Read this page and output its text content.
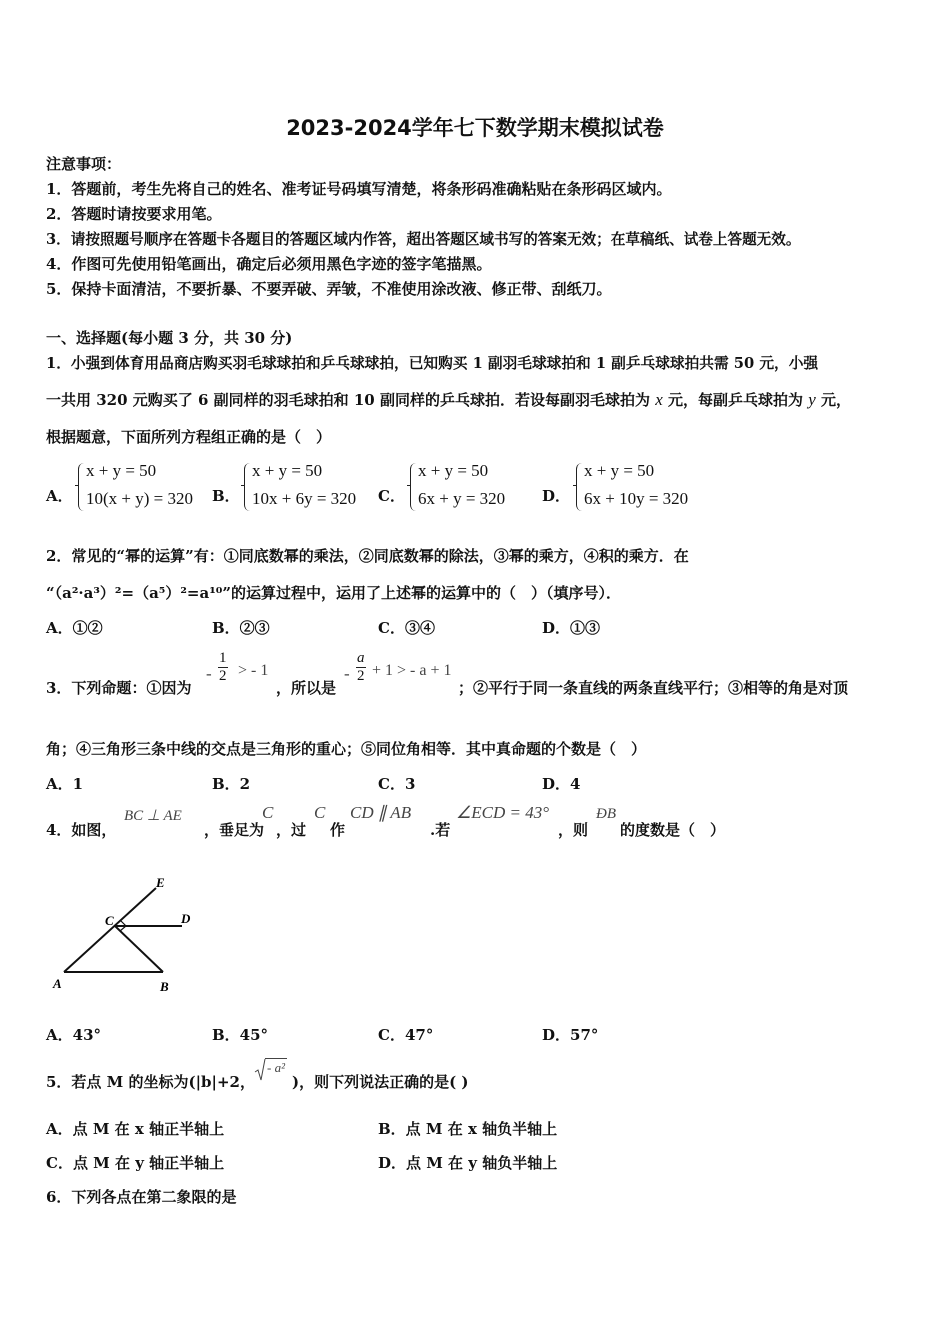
2023-2024学年七下数学期末模拟试卷
注意事项：
1．答题前，考生先将自己的姓名、准考证号码填写清楚，将条形码准确粘贴在条形码区域内。
2．答题时请按要求用笔。
3．请按照题号顺序在答题卡各题目的答题区域内作答，超出答题区域书写的答案无效；在草稿纸、试卷上答题无效。
4．作图可先使用铅笔画出，确定后必须用黑色字迹的签字笔描黑。
5．保持卡面清洁，不要折暴、不要弄破、弄皱，不准使用涂改液、修正带、刮纸刀。
一、选择题(每小题 3 分，共 30 分)
1．小强到体育用品商店购买羽毛球球拍和乒乓球球拍，已知购买 1 副羽毛球球拍和 1 副乒乓球球拍共需 50 元，小强
一共用 320 元购买了 6 副同样的羽毛球拍和 10 副同样的乒乓球拍．若设每副羽毛球拍为 x 元，每副乒乓球拍为 y 元，
根据题意，下面所列方程组正确的是（　）
A．
x + y = 50
10(x + y) = 320 B．
x + y = 50
10x + 6y = 320 C．
x + y = 50
6x + y = 320 D．
x + y = 50
6x + 10y = 320
2．常见的“幂的运算”有：①同底数幂的乘法，②同底数幂的除法，③幂的乘方，④积的乘方．在
“（a²·a³）²=（a⁵）²=a¹⁰”的运算过程中，运用了上述幂的运算中的（　）（填序号）．
A．①②	B．②③	C．③④	D．①③
3．下列命题：①因为
- $\frac{1}{2}$ > - 1
，所以是
- $\frac{a}{2} + 1$ > - a + 1
；②平行于同一条直线的两条直线平行；③相等的角是对顶
角；④三角形三条中线的交点是三角形的重心；⑤同位角相等．其中真命题的个数是（　）
A．1	B．2	C．3	D．4
4．如图，
BC ⊥ AE
，垂足为
C
，过
C
作
CD ∥ AB
.若
∠ECD = 43°
，则
ÐB
的度数是（　）
E
C	D
A	B
A．43°	B．45°	C．47°	D．57°
5．若点 M 的坐标为(|b|+2，
- a²
)，则下列说法正确的是( )
A．点 M 在 x 轴正半轴上	B．点 M 在 x 轴负半轴上
C．点 M 在 y 轴正半轴上	D．点 M 在 y 轴负半轴上
6．下列各点在第二象限的是
